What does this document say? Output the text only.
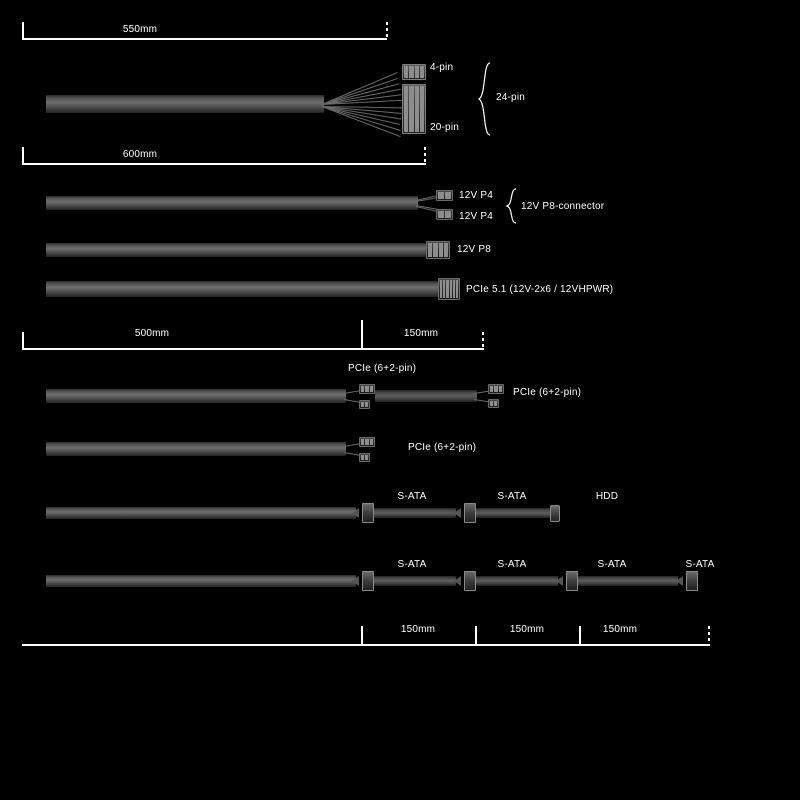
550mm
4-pin
20-pin
24-pin
600mm
12V P4
12V P4
12V P8-connector
12V P8
PCIe 5.1 (12V-2x6 / 12VHPWR)
500mm	150mm
PCIe (6+2-pin)
PCIe (6+2-pin)
PCIe (6+2-pin)
S-ATA	S-ATA	HDD
S-ATA	S-ATA	S-ATA	S-ATA
150mm	150mm	150mm
